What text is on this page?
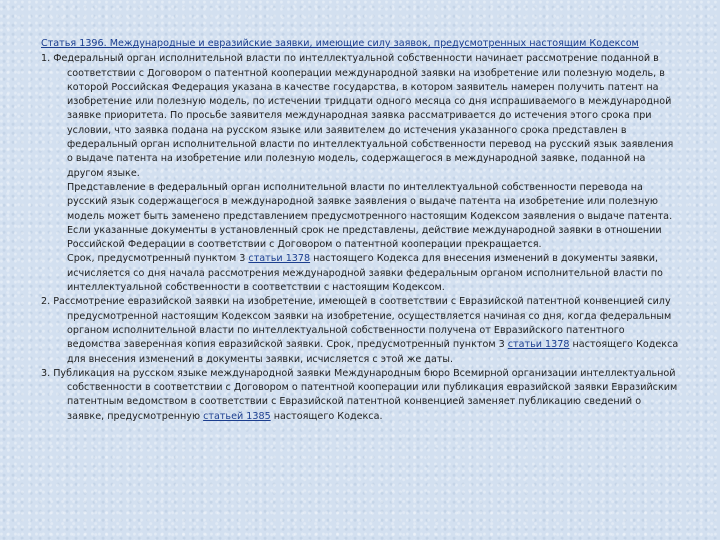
Статья 1396. Международные и евразийские заявки, имеющие силу заявок, предусмотренных настоящим Кодексом

1. Федеральный орган исполнительной власти по интеллектуальной собственности начинает рассмотрение поданной в соответствии с Договором о патентной кооперации международной заявки на изобретение или полезную модель, в которой Российская Федерация указана в качестве государства, в котором заявитель намерен получить патент на изобретение или полезную модель, по истечении тридцати одного месяца со дня испрашиваемого в международной заявке приоритета. По просьбе заявителя международная заявка рассматривается до истечения этого срока при условии, что заявка подана на русском языке или заявителем до истечения указанного срока представлен в федеральный орган исполнительной власти по интеллектуальной собственности перевод на русский язык заявления о выдаче патента на изобретение или полезную модель, содержащегося в международной заявке, поданной на другом языке.

Представление в федеральный орган исполнительной власти по интеллектуальной собственности перевода на русский язык содержащегося в международной заявке заявления о выдаче патента на изобретение или полезную модель может быть заменено представлением предусмотренного настоящим Кодексом заявления о выдаче патента.

Если указанные документы в установленный срок не представлены, действие международной заявки в отношении Российской Федерации в соответствии с Договором о патентной кооперации прекращается.

Срок, предусмотренный пунктом 3 статьи 1378 настоящего Кодекса для внесения изменений в документы заявки, исчисляется со дня начала рассмотрения международной заявки федеральным органом исполнительной власти по интеллектуальной собственности в соответствии с настоящим Кодексом.

2. Рассмотрение евразийской заявки на изобретение, имеющей в соответствии с Евразийской патентной конвенцией силу предусмотренной настоящим Кодексом заявки на изобретение, осуществляется начиная со дня, когда федеральным органом исполнительной власти по интеллектуальной собственности получена от Евразийского патентного ведомства заверенная копия евразийской заявки. Срок, предусмотренный пунктом 3 статьи 1378 настоящего Кодекса для внесения изменений в документы заявки, исчисляется с этой же даты.

3. Публикация на русском языке международной заявки Международным бюро Всемирной организации интеллектуальной собственности в соответствии с Договором о патентной кооперации или публикация евразийской заявки Евразийским патентным ведомством в соответствии с Евразийской патентной конвенцией заменяет публикацию сведений о заявке, предусмотренную статьей 1385 настоящего Кодекса.
